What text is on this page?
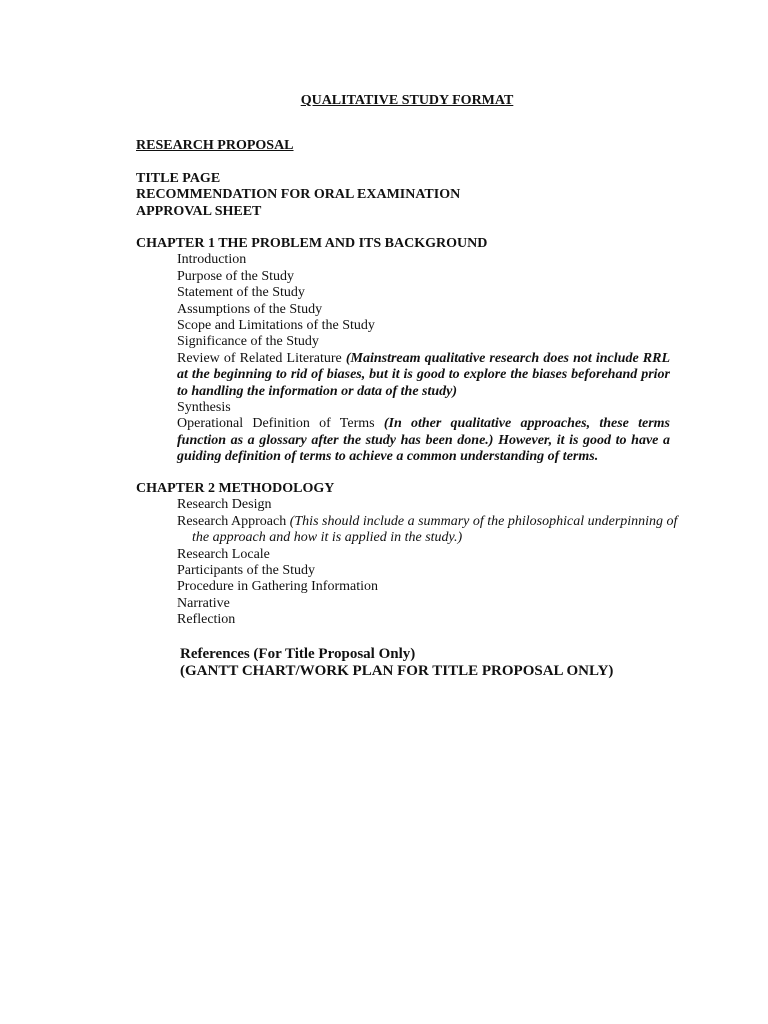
QUALITATIVE STUDY FORMAT
RESEARCH PROPOSAL
TITLE PAGE
RECOMMENDATION FOR ORAL EXAMINATION
APPROVAL SHEET
CHAPTER 1 THE PROBLEM AND ITS BACKGROUND
Introduction
Purpose of the Study
Statement of the Study
Assumptions of the Study
Scope and Limitations of the Study
Significance of the Study
Review of Related Literature (Mainstream qualitative research does not include RRL at the beginning to rid of biases, but it is good to explore the biases beforehand prior to handling the information or data of the study)
Synthesis
Operational Definition of Terms (In other qualitative approaches, these terms function as a glossary after the study has been done.) However, it is good to have a guiding definition of terms to achieve a common understanding of terms.
CHAPTER 2 METHODOLOGY
Research Design
Research Approach (This should include a summary of the philosophical underpinning of the approach and how it is applied in the study.)
Research Locale
Participants of the Study
Procedure in Gathering Information
Narrative
Reflection
References (For Title Proposal Only)
(GANTT CHART/WORK PLAN FOR TITLE PROPOSAL ONLY)
